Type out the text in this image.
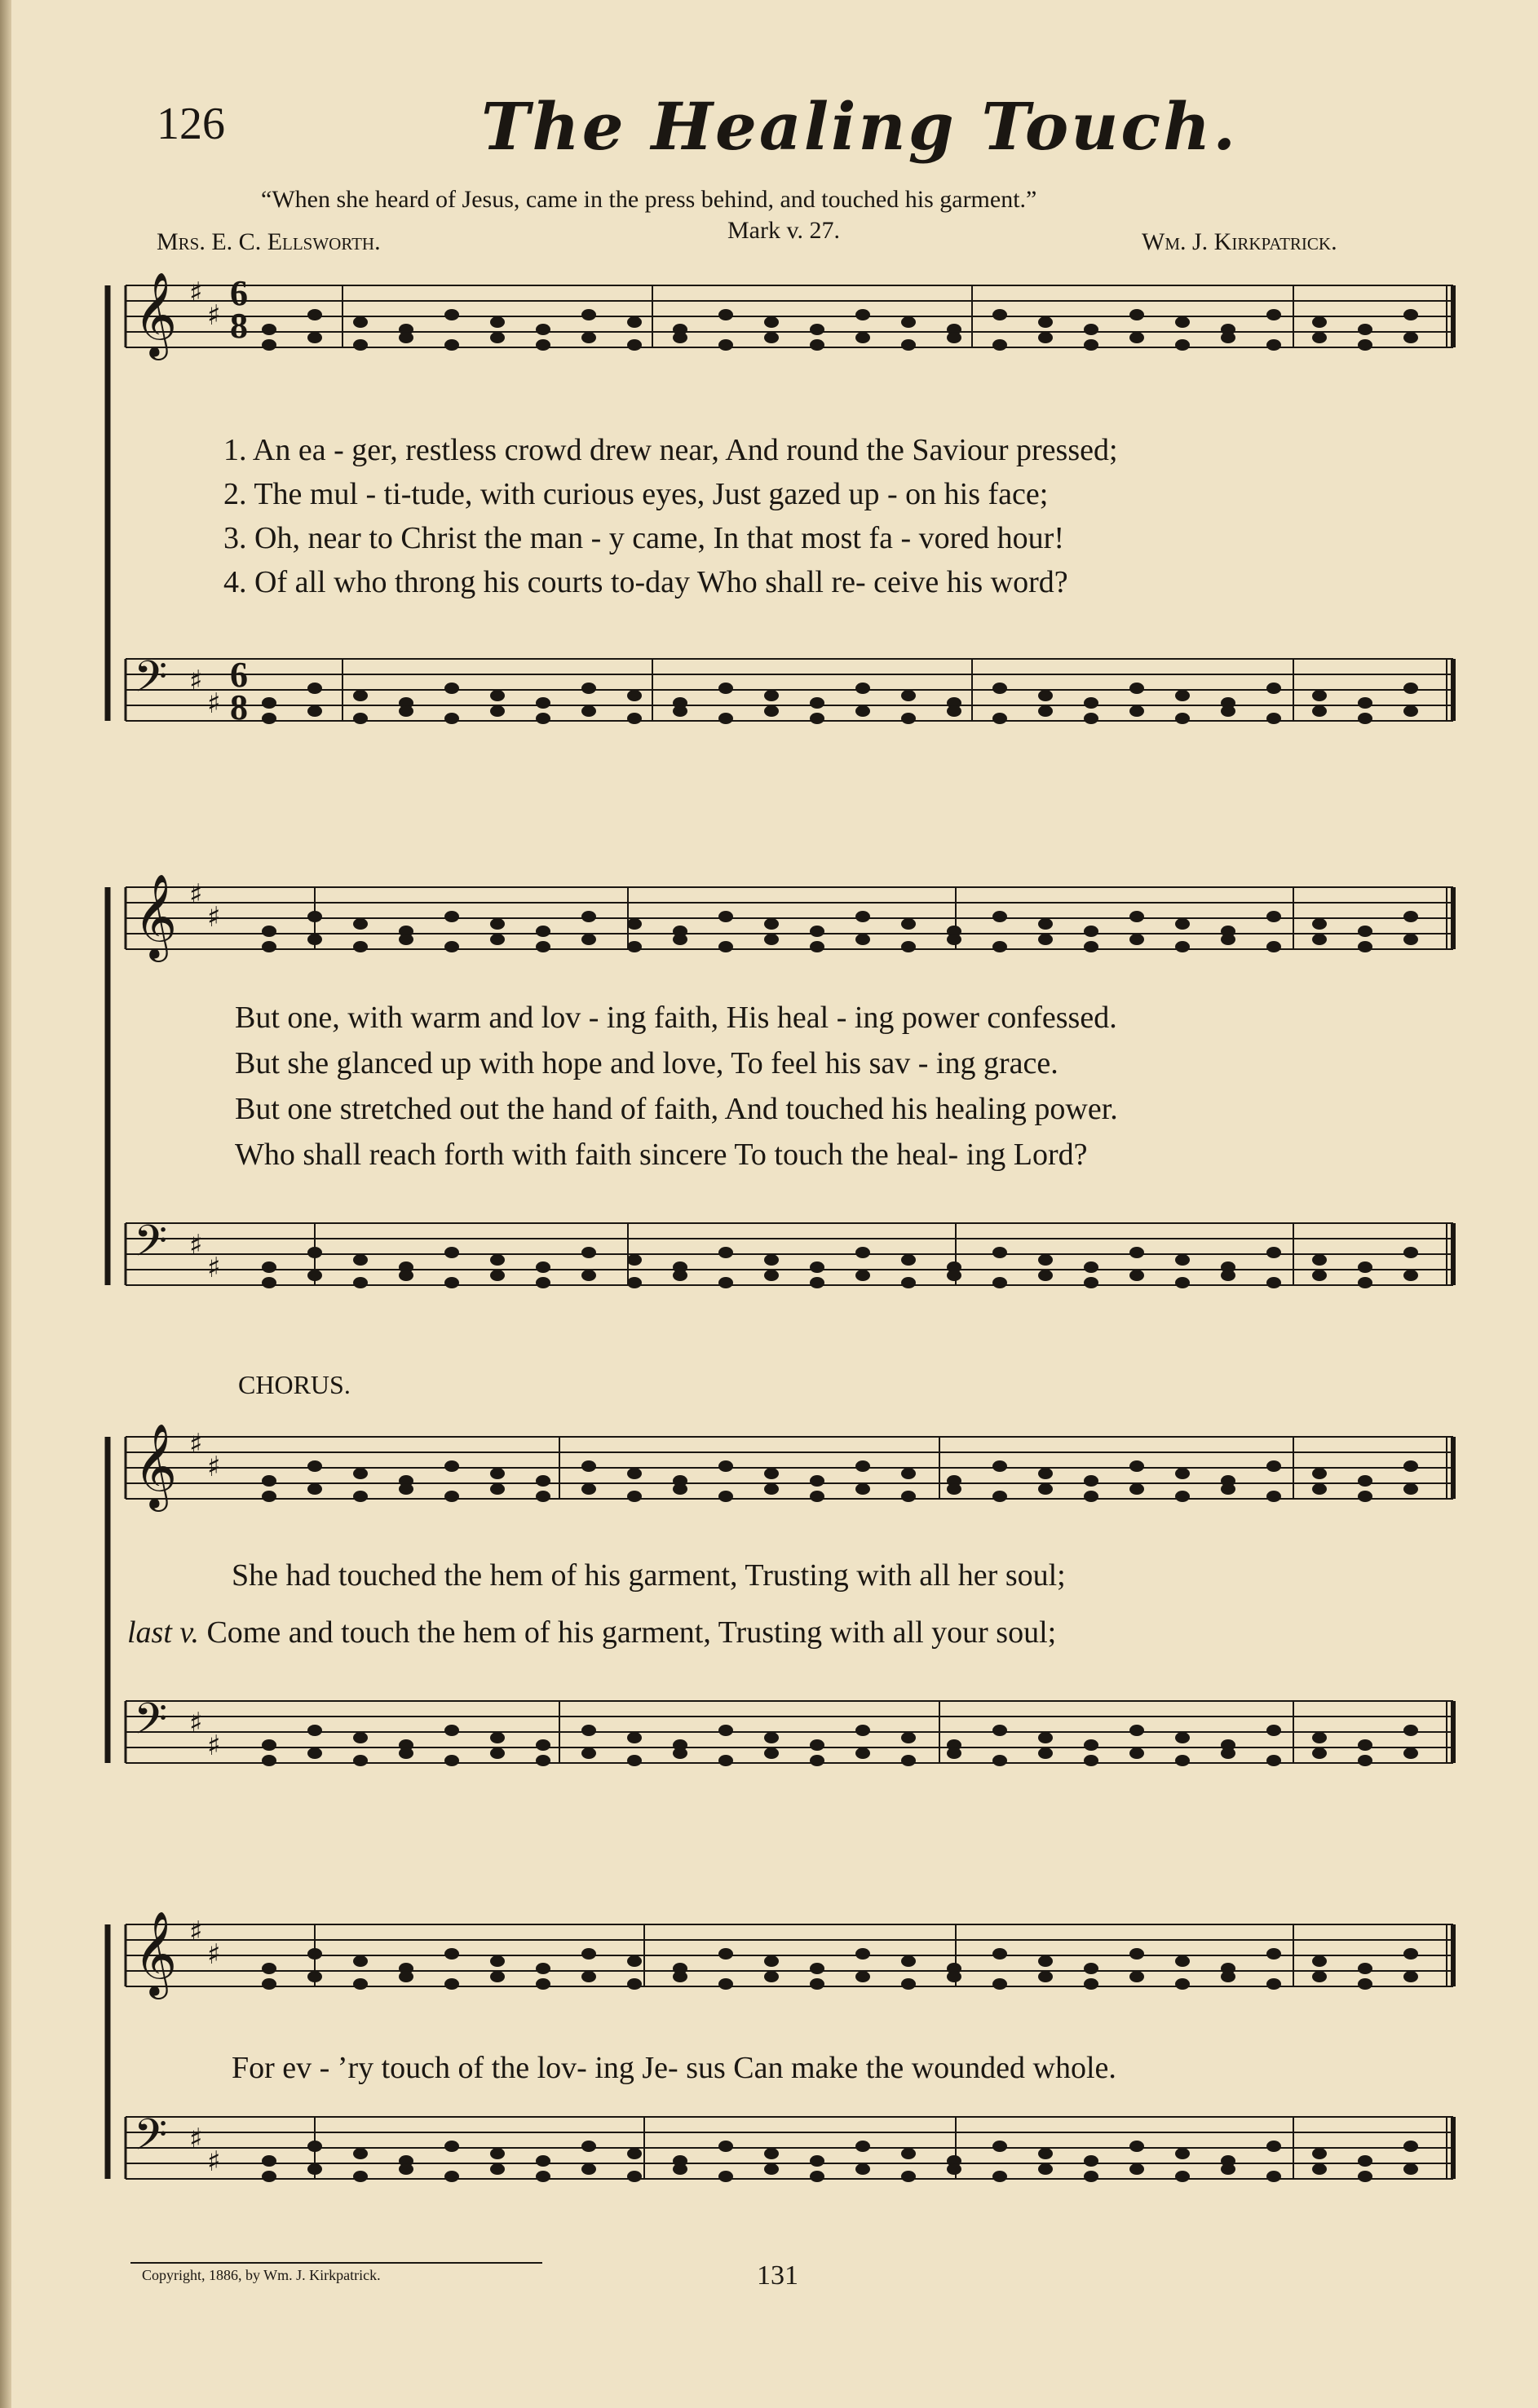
126	The Healing Touch.
“When she heard of Jesus, came in the press behind, and touched his garment.”
Mrs. E. C. Ellsworth.	Mark v. 27.	Wm. J. Kirkpatrick.
𝄞 ♯
♯
𝄢 ♯
♯
𝄞 ♯
♯
𝄢 ♯
♯
𝄞 ♯
♯
𝄢 ♯
♯
𝄞 ♯
♯
𝄢 ♯
♯
6
8
6
8
1. An ea - ger, restless crowd drew near, And round the Saviour pressed;
2. The mul - ti-tude, with curious eyes, Just gazed up - on his face;
3. Oh, near to Christ the man - y came, In that most fa - vored hour!
4. Of all who throng his courts to-day Who shall re- ceive his word?
But one, with warm and lov - ing faith, His heal - ing power confessed.
But she glanced up with hope and love, To feel his sav - ing grace.
But one stretched out the hand of faith, And touched his healing power.
Who shall reach forth with faith sincere To touch the heal- ing Lord?
CHORUS.
She had touched the hem of his garment, Trusting with all her soul;
last v. Come and touch the hem of his garment, Trusting with all your soul;
For ev - ’ry touch of the lov- ing Je- sus Can make the wounded whole.
Copyright, 1886, by Wm. J. Kirkpatrick.	131
